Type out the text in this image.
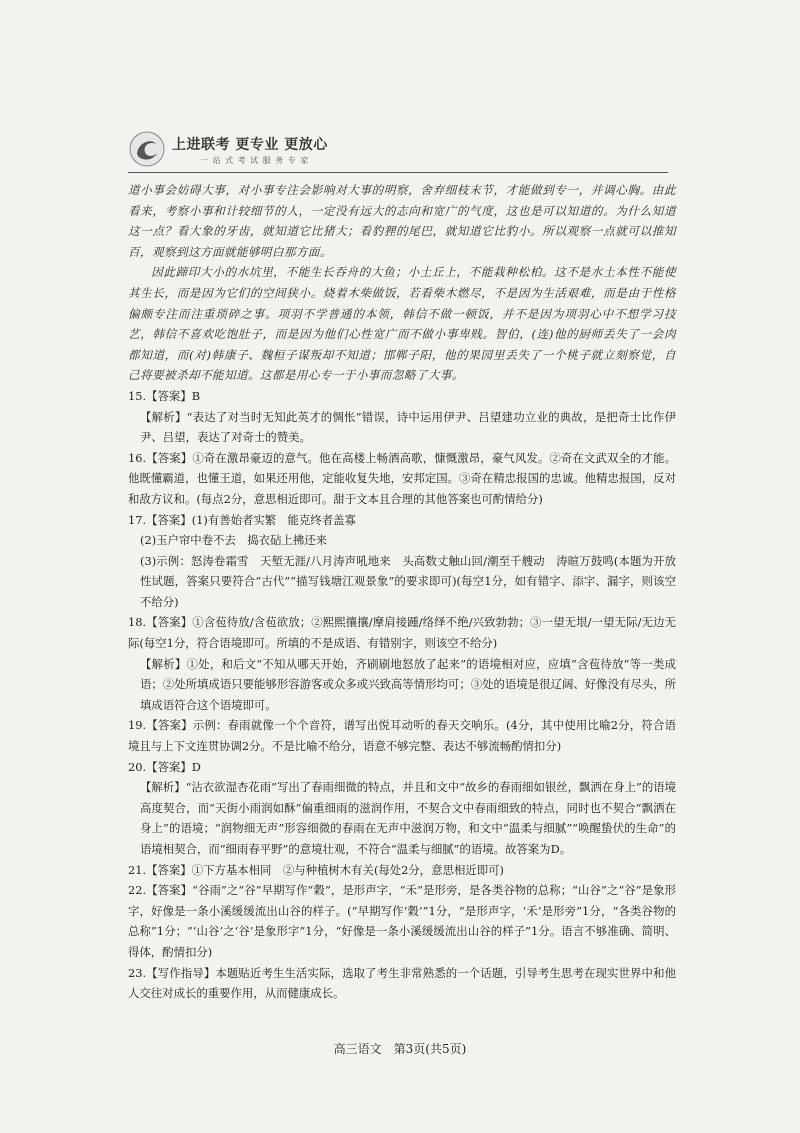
上进联考 更专业 更放心
一 站 式 考 试 服 务 专 家

道小事会妨碍大事，对小事专注会影响对大事的明察，舍弃细枝末节，才能做到专一，并调心胸。由此看来，考察小事和计较细节的人，一定没有远大的志向和宽广的气度，这也是可以知道的。为什么知道这一点？看大象的牙齿，就知道它比猪大；看豹狸的尾巴，就知道它比豹小。所以观察一点就可以推知百，观察到这方面就能够明白那方面。

因此蹄印大小的水坑里，不能生长吞舟的大鱼；小土丘上，不能栽种松柏。这不是水土本性不能使其生长，而是因为它们的空间狭小。烧着木柴做饭，若看柴木燃尽，不是因为生活艰难，而是由于性格偏颇专注而注重琐碎之事。项羽不学普通的本领，韩信不做一顿饭，并不是因为项羽心中不想学习技艺，韩信不喜欢吃饱肚子，而是因为他们心性宽广而不做小事卑贱。智伯，(连)他的厨师丢失了一会肉都知道，而(对)韩康子、魏桓子谋叛却不知道；邯郸子阳，他的果园里丢失了一个桃子就立刻察觉，自己将要被杀却不能知道。这都是用心专一于小事而忽略了大事。

15.【答案】B

【解析】“表达了对当时无知此英才的惆怅”错误，诗中运用伊尹、吕望建功立业的典故，是把奇士比作伊尹、吕望，表达了对奇士的赞美。

16.【答案】①奇在激昂豪迈的意气。他在高楼上畅酒高歌，慷慨激昂，豪气风发。②奇在文武双全的才能。他既懂霸道，也懂王道，如果还用他，定能收复失地，安邦定国。③奇在精忠报国的忠诚。他精忠报国，反对和敌方议和。(每点2分，意思相近即可。甜于文本且合理的其他答案也可酌情给分)

17.【答案】(1)有善始者实繁　能克终者盖寡

(2)玉户帘中卷不去　捣衣砧上拂还来

(3)示例：怒涛卷霜雪　天堑无涯/八月涛声吼地来　头高数丈触山回/潮至千艘动　涛暄万鼓鸣(本题为开放性试题，答案只要符合“古代”“描写钱塘江观景象”的要求即可)(每空1分，如有错字、添字、漏字，则该空不给分)

18.【答案】①含苞待放/含苞欲放；②熙熙攘攘/摩肩接踵/络绎不绝/兴致勃勃；③一望无垠/一望无际/无边无际(每空1分，符合语境即可。所填的不是成语、有错别字，则该空不给分)

【解析】①处，和后文“不知从哪天开始，齐刷刷地怒放了起来”的语境相对应，应填“含苞待放”等一类成语；②处所填成语只要能够形容游客或众多或兴致高等情形均可；③处的语境是很辽阔、好像没有尽头，所填成语符合这个语境即可。

19.【答案】示例：春雨就像一个个音符，谱写出悦耳动听的春天交响乐。(4分，其中使用比喻2分，符合语境且与上下文连贯协调2分。不是比喻不给分，语意不够完整、表达不够流畅酌情扣分)

20.【答案】D

【解析】“沾衣欲湿杏花雨”写出了春雨细微的特点，并且和文中“故乡的春雨细如银丝，飘洒在身上”的语境高度契合，而“天街小雨润如酥”偏重细雨的滋润作用，不契合文中春雨细致的特点，同时也不契合“飘洒在身上”的语境；“润物细无声”形容细微的春雨在无声中滋润万物，和文中“温柔与细腻”“唤醒蛰伏的生命”的语境相契合，而“细雨春平野”的意境壮观，不符合“温柔与细腻”的语境。故答案为D。

21.【答案】①下方基本相同　②与种植树木有关(每处2分，意思相近即可)

22.【答案】“谷雨”之“谷”早期写作“穀”，是形声字，“禾”是形旁，是各类谷物的总称；“山谷”之“谷”是象形字，好像是一条小溪缓缓流出山谷的样子。(“早期写作‘穀’”1分，“是形声字，‘禾’是形旁”1分，“各类谷物的总称”1分；“‘山谷’之‘谷’是象形字”1分，“好像是一条小溪缓缓流出山谷的样子”1分。语言不够准确、简明、得体，酌情扣分)

23.【写作指导】本题贴近考生生活实际，选取了考生非常熟悉的一个话题，引导考生思考在现实世界中和他人交往对成长的重要作用，从而健康成长。

高三语文　第3页(共5页)
